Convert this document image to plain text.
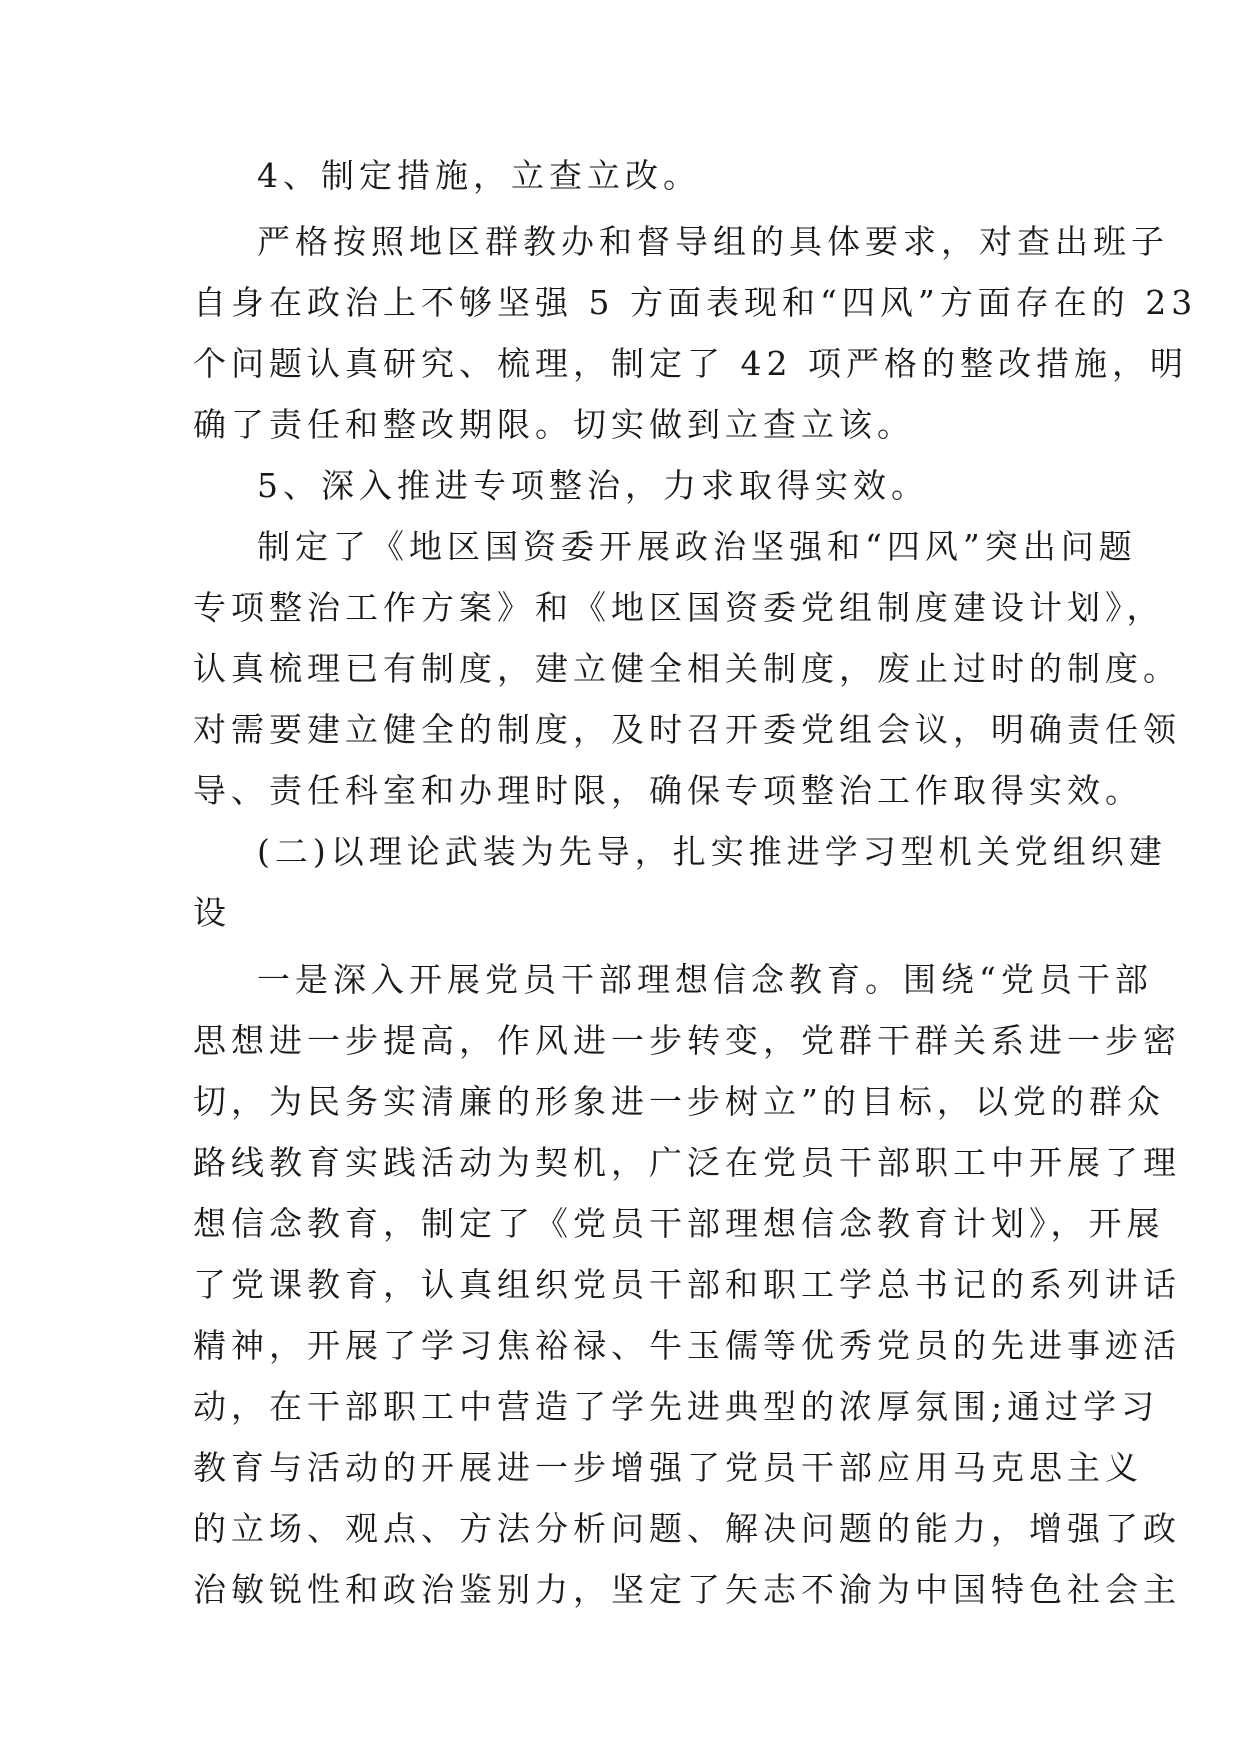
4、制定措施，立查立改。
严格按照地区群教办和督导组的具体要求，对查出班子
自身在政治上不够坚强 5 方面表现和“四风”方面存在的 23
个问题认真研究、梳理，制定了 42 项严格的整改措施，明
确了责任和整改期限。切实做到立查立该。
5、深入推进专项整治，力求取得实效。
制定了《地区国资委开展政治坚强和“四风”突出问题
专项整治工作方案》和《地区国资委党组制度建设计划》，
认真梳理已有制度，建立健全相关制度，废止过时的制度。
对需要建立健全的制度，及时召开委党组会议，明确责任领
导、责任科室和办理时限，确保专项整治工作取得实效。
(二)以理论武装为先导，扎实推进学习型机关党组织建
设
一是深入开展党员干部理想信念教育。围绕“党员干部
思想进一步提高，作风进一步转变，党群干群关系进一步密
切，为民务实清廉的形象进一步树立”的目标，以党的群众
路线教育实践活动为契机，广泛在党员干部职工中开展了理
想信念教育，制定了《党员干部理想信念教育计划》，开展
了党课教育，认真组织党员干部和职工学总书记的系列讲话
精神，开展了学习焦裕禄、牛玉儒等优秀党员的先进事迹活
动，在干部职工中营造了学先进典型的浓厚氛围;通过学习
教育与活动的开展进一步增强了党员干部应用马克思主义
的立场、观点、方法分析问题、解决问题的能力，增强了政
治敏锐性和政治鉴别力，坚定了矢志不渝为中国特色社会主
